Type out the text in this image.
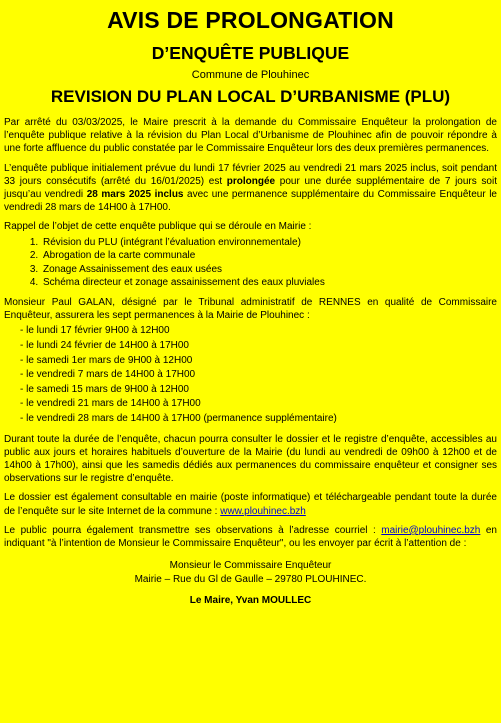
AVIS DE PROLONGATION
D’ENQUÊTE PUBLIQUE
Commune de Plouhinec
REVISION DU PLAN LOCAL D’URBANISME (PLU)

Par arrêté du 03/03/2025, le Maire prescrit à la demande du Commissaire Enquêteur la prolongation de l’enquête publique relative à la révision du Plan Local d’Urbanisme de Plouhinec afin de pouvoir répondre à une forte affluence du public constatée par le Commissaire Enquêteur lors des deux premières permanences.

L’enquête publique initialement prévue du lundi 17 février 2025 au vendredi 21 mars 2025 inclus, soit pendant 33 jours consécutifs (arrêté du 16/01/2025) est prolongée pour une durée supplémentaire de 7 jours soit jusqu’au vendredi 28 mars 2025 inclus avec une permanence supplémentaire du Commissaire Enquêteur le vendredi 28 mars de 14H00 à 17H00.

Rappel de l’objet de cette enquête publique qui se déroule en Mairie :

1. Révision du PLU (intégrant l’évaluation environnementale)
2. Abrogation de la carte communale
3. Zonage Assainissement des eaux usées
4. Schéma directeur et zonage assainissement des eaux pluviales

Monsieur Paul GALAN, désigné par le Tribunal administratif de RENNES en qualité de Commissaire Enquêteur, assurera les sept permanences à la Mairie de Plouhinec :

- le lundi 17 février 9H00 à 12H00
- le lundi 24 février de 14H00 à 17H00
- le samedi 1er mars de 9H00 à 12H00
- le vendredi 7 mars de 14H00 à 17H00
- le samedi 15 mars de 9H00 à 12H00
- le vendredi 21 mars de 14H00 à 17H00
- le vendredi 28 mars de 14H00 à 17H00 (permanence supplémentaire)

Durant toute la durée de l’enquête, chacun pourra consulter le dossier et le registre d’enquête, accessibles au public aux jours et horaires habituels d’ouverture de la Mairie (du lundi au vendredi de 09h00 à 12h00 et de 14h00 à 17h00), ainsi que les samedis dédiés aux permanences du commissaire enquêteur et consigner ses observations sur le registre d’enquête.

Le dossier est également consultable en mairie (poste informatique) et téléchargeable pendant toute la durée de l’enquête sur le site Internet de la commune : www.plouhinec.bzh

Le public pourra également transmettre ses observations à l’adresse courriel : mairie@plouhinec.bzh en indiquant "à l’intention de Monsieur le Commissaire Enquêteur", ou les envoyer par écrit à l’attention de :

Monsieur le Commissaire Enquêteur
Mairie – Rue du Gl de Gaulle – 29780 PLOUHINEC.
Le Maire, Yvan MOULLEC
